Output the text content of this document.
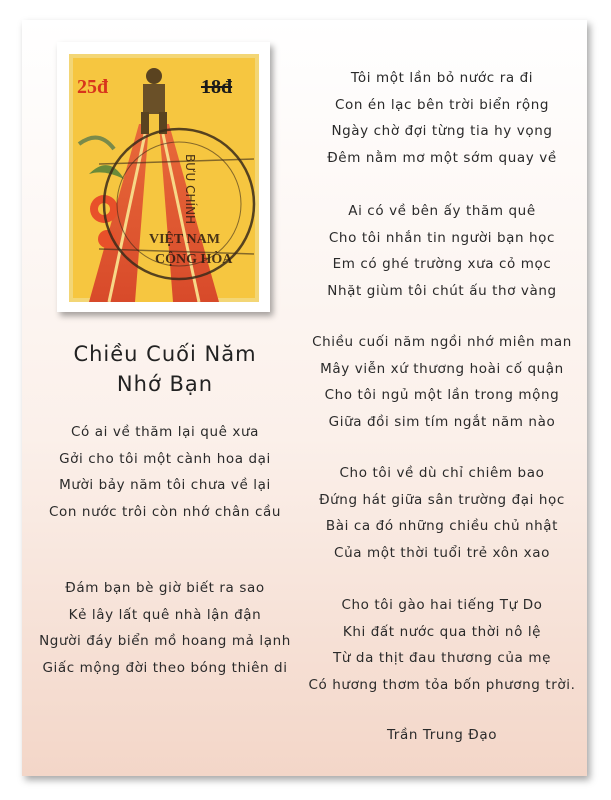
25đ	18đ
BƯU CHÍNH
VIỆT NAM
CỘNG HÒA
Chiều Cuối Năm
Nhớ Bạn
Có ai về thăm lại quê xưa
Gởi cho tôi một cành hoa dại
Mười bảy năm tôi chưa về lại
Con nước trôi còn nhớ chân cầu
Đám bạn bè giờ biết ra sao
Kẻ lây lất quê nhà lận đận
Người đáy biển mồ hoang mả lạnh
Giấc mộng đời theo bóng thiên di
Tôi một lần bỏ nước ra đi
Con én lạc bên trời biển rộng
Ngày chờ đợi từng tia hy vọng
Đêm nằm mơ một sớm quay về
Ai có về bên ấy thăm quê
Cho tôi nhắn tin người bạn học
Em có ghé trường xưa cỏ mọc
Nhặt giùm tôi chút ấu thơ vàng
Chiều cuối năm ngồi nhớ miên man
Mây viễn xứ thương hoài cố quận
Cho tôi ngủ một lần trong mộng
Giữa đồi sim tím ngắt năm nào
Cho tôi về dù chỉ chiêm bao
Đứng hát giữa sân trường đại học
Bài ca đó những chiều chủ nhật
Của một thời tuổi trẻ xôn xao
Cho tôi gào hai tiếng Tự Do
Khi đất nước qua thời nô lệ
Từ da thịt đau thương của mẹ
Có hương thơm tỏa bốn phương trời.
Trần Trung Đạo
